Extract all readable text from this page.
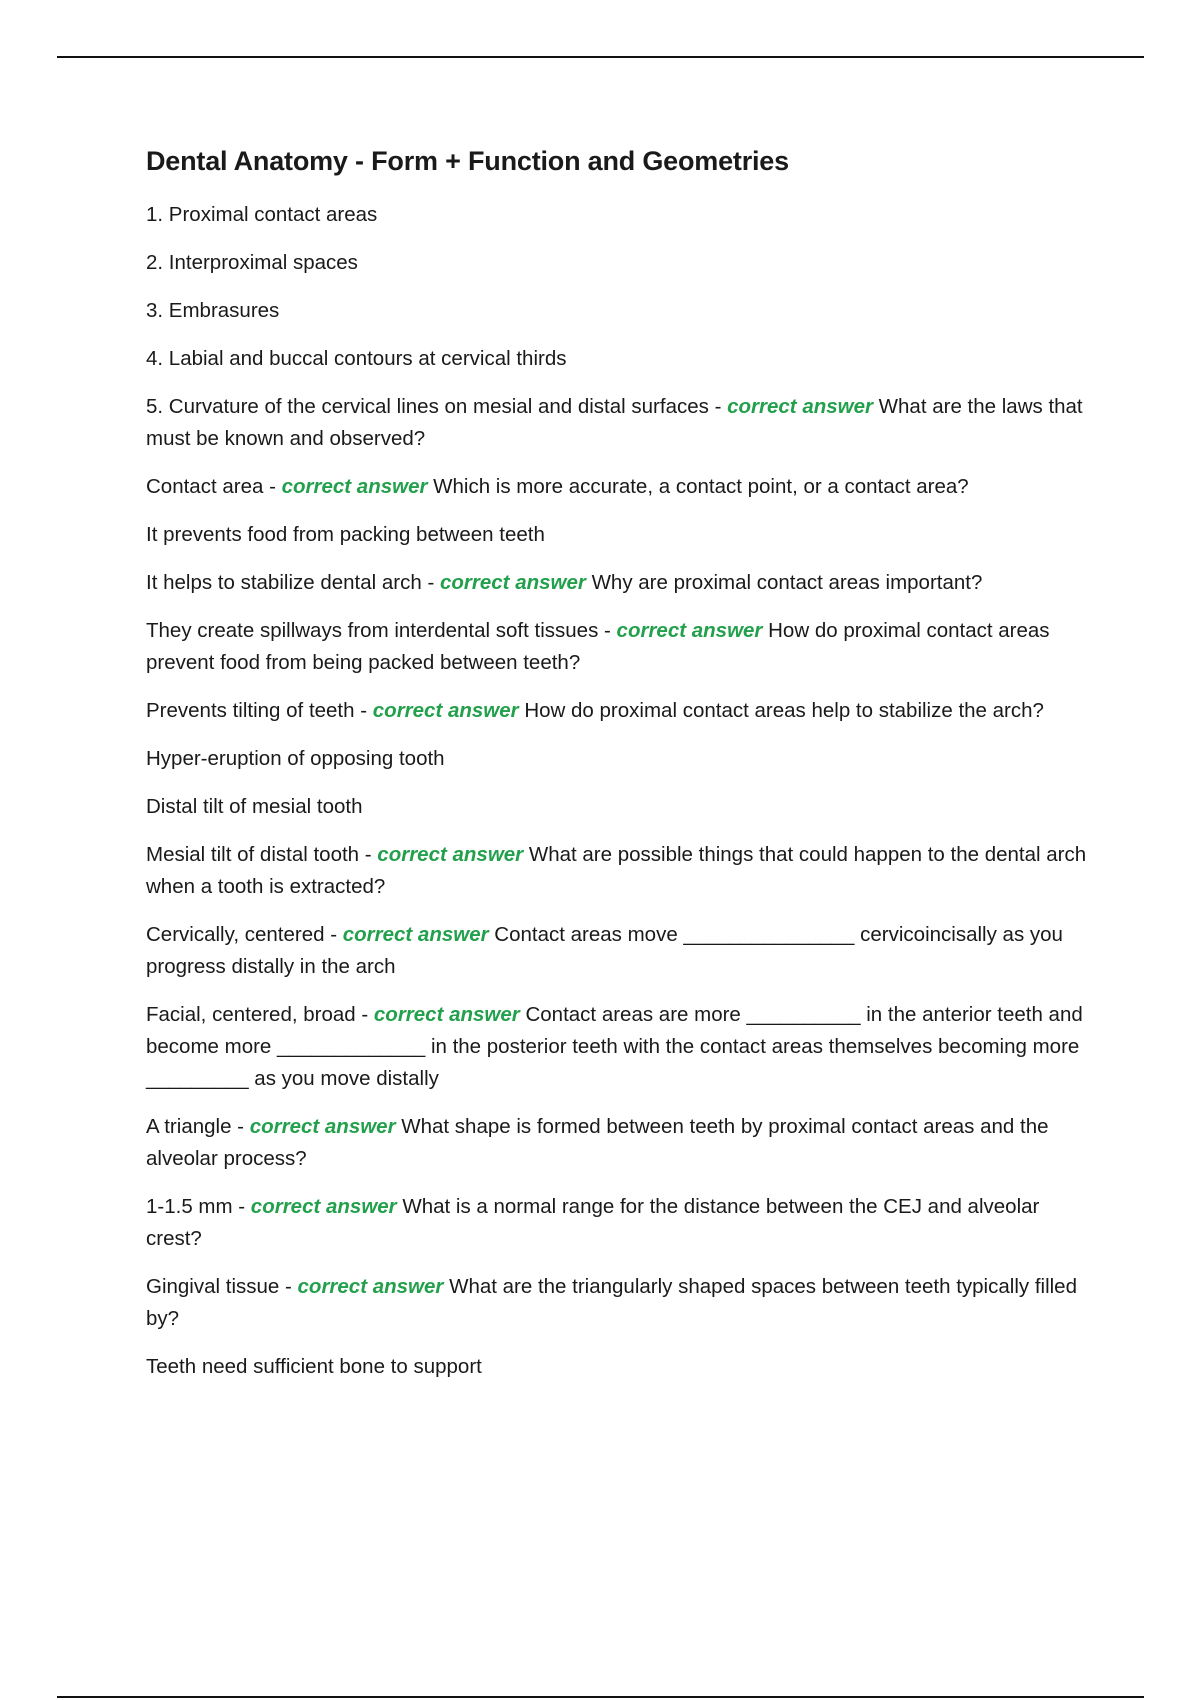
Dental Anatomy - Form + Function and Geometries

1. Proximal contact areas

2. Interproximal spaces

3. Embrasures

4. Labial and buccal contours at cervical thirds

5. Curvature of the cervical lines on mesial and distal surfaces - correct answer What are the laws that must be known and observed?

Contact area - correct answer Which is more accurate, a contact point, or a contact area?

It prevents food from packing between teeth

It helps to stabilize dental arch - correct answer Why are proximal contact areas important?

They create spillways from interdental soft tissues - correct answer How do proximal contact areas prevent food from being packed between teeth?

Prevents tilting of teeth - correct answer How do proximal contact areas help to stabilize the arch?

Hyper-eruption of opposing tooth

Distal tilt of mesial tooth

Mesial tilt of distal tooth - correct answer What are possible things that could happen to the dental arch when a tooth is extracted?

Cervically, centered - correct answer Contact areas move _______________ cervicoincisally as you progress distally in the arch

Facial, centered, broad - correct answer Contact areas are more __________ in the anterior teeth and become more _____________ in the posterior teeth with the contact areas themselves becoming more _________ as you move distally

A triangle - correct answer What shape is formed between teeth by proximal contact areas and the alveolar process?

1-1.5 mm - correct answer What is a normal range for the distance between the CEJ and alveolar crest?

Gingival tissue - correct answer What are the triangularly shaped spaces between teeth typically filled by?

Teeth need sufficient bone to support
